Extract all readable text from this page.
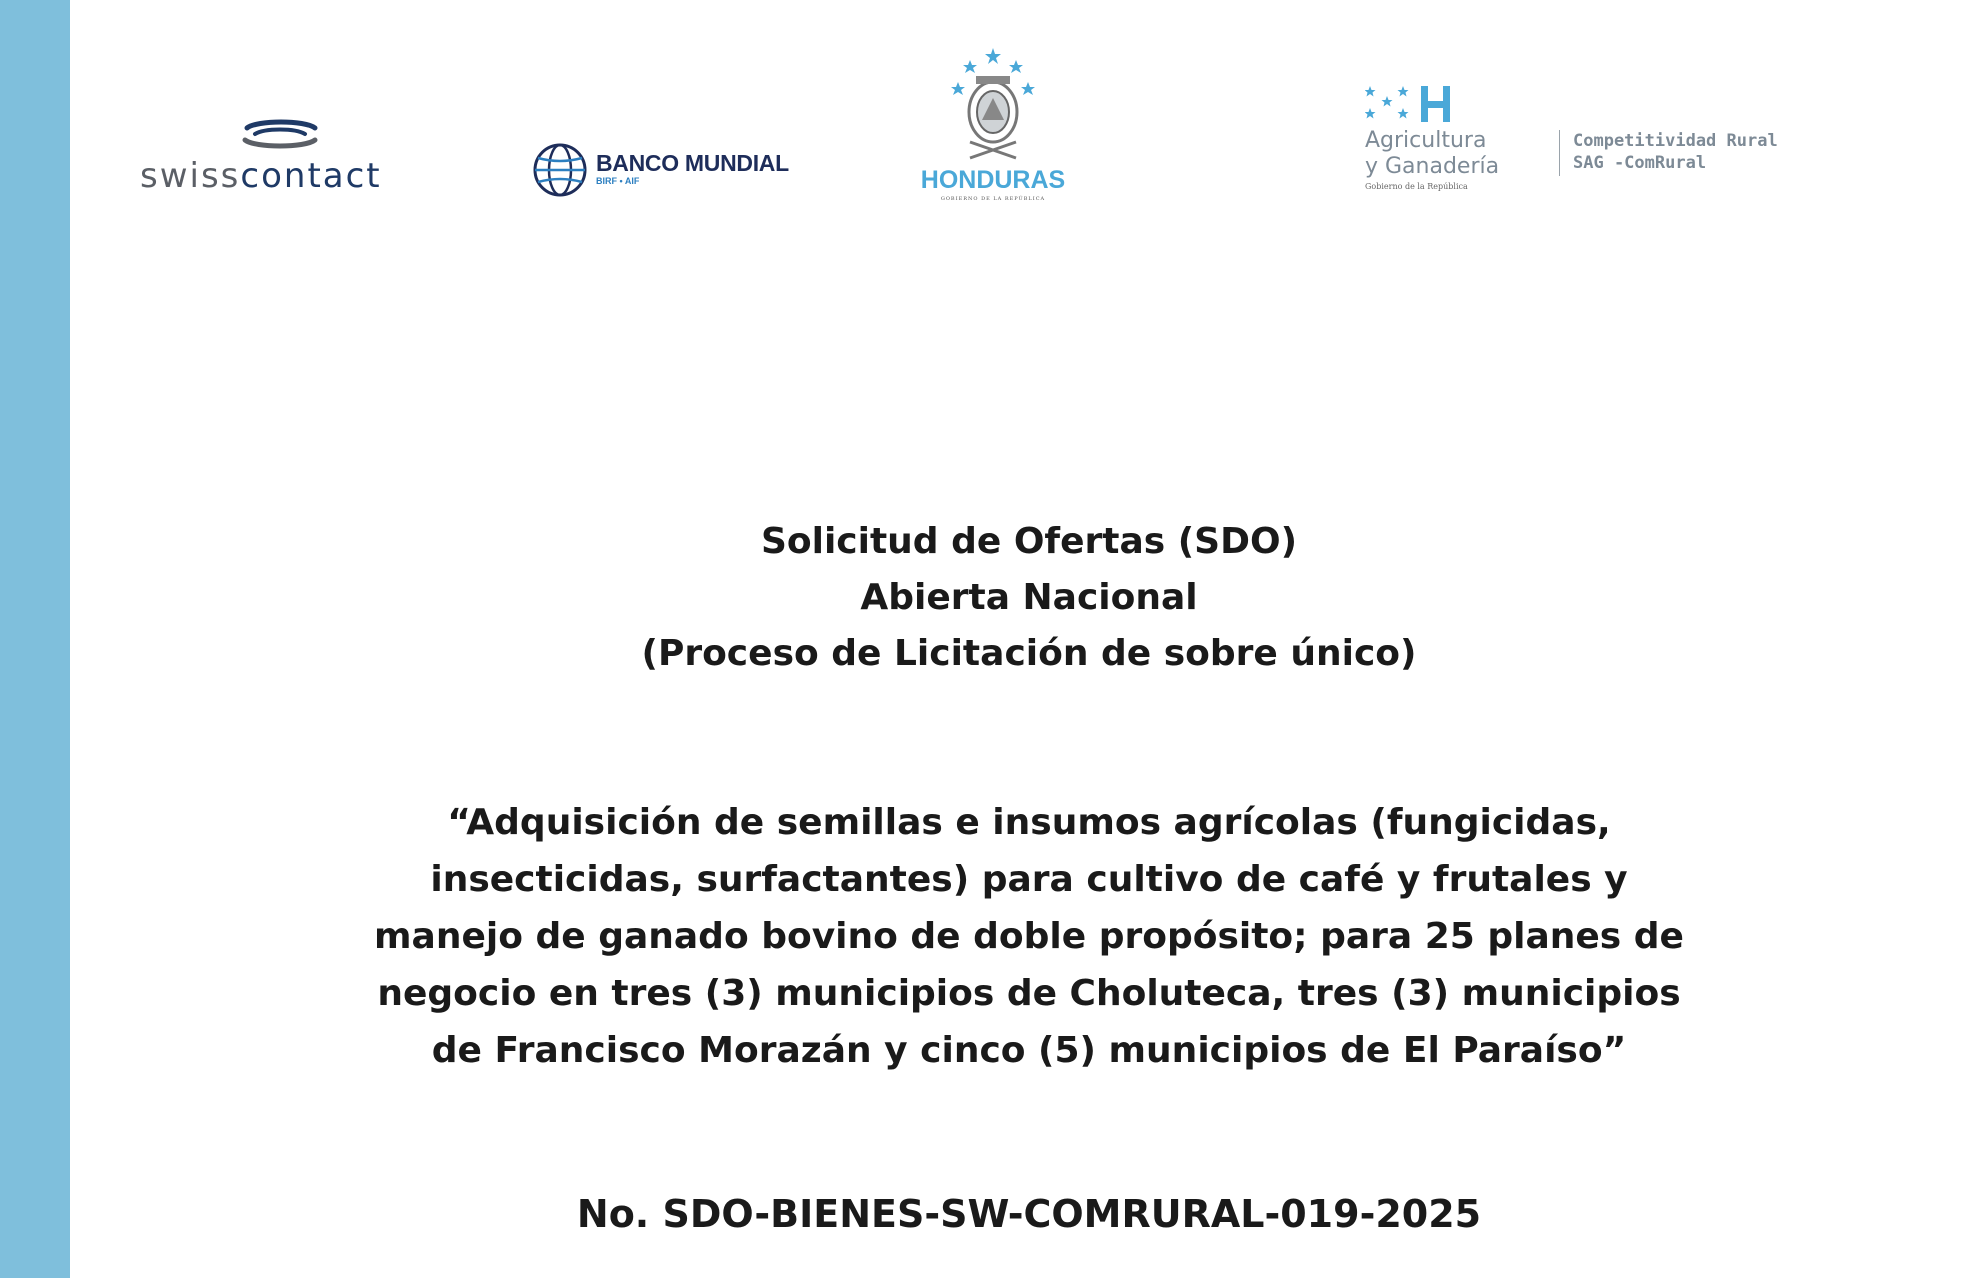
swisscontact	BANCO MUNDIAL
BIRF • AIF	HONDURAS
GOBIERNO DE LA REPÚBLICA
Agricultura
y Ganadería
Gobierno de la República
Competitividad Rural
SAG -ComRural
Solicitud de Ofertas (SDO)
Abierta Nacional
(Proceso de Licitación de sobre único)
“Adquisición de semillas e insumos agrícolas (fungicidas,
insecticidas, surfactantes) para cultivo de café y frutales y
manejo de ganado bovino de doble propósito; para 25 planes de
negocio en tres (3) municipios de Choluteca, tres (3) municipios
de Francisco Morazán y cinco (5) municipios de El Paraíso”
No. SDO-BIENES-SW-COMRURAL-019-2025
